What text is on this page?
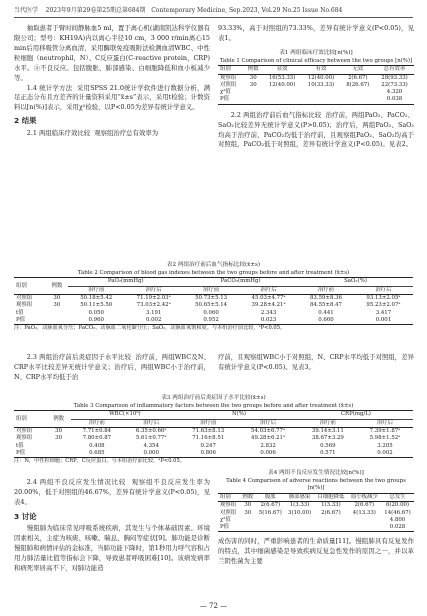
当代医学 2023年9月第29卷第25期总第684期 Contemporary Medicine, Sep.2023, Vol.29 No.25 Issue No.684

抽取患者于臂时间静脉血5 ml，置于离心机(湖南凯达科学仪器有限公司；型号：KH19A)内以离心半径10 cm，3 000 r/min离心15 min后用移吸管分离血清，采用酶联免疫吸附法检测血清WBC、中性粒细胞（neutrophil，N）、C反应蛋白(C-reactive protein，CRP)水平。④不良反应。包括腹胀、肺部感染、白细胞降低和血小板减少等。

1.4 统计学方法 采用SPSS 21.0统计学软件进行数据分析，满足正态分布且方差齐的计量资料采用“x̄±s”表示，采用t检验；计数资料以[n(%)]表示，采用χ²检验，以P<0.05为差异有统计学意义。

2 结果

2.1 两组临床疗效比较 观察组治疗总有效率为

93.33%，高于对照组的73.33%，差异有统计学意义(P<0.05)，见表1。

表1 两组临床疗效比较[n(%)]
Table 1 Comparison of clinical efficacy between the two groups [n(%)]
组别	例数	显效	有效	无效	总有效率
观察组	30	16(53.33)	12(40.00)	2(6.67)	28(93.33)
对照组	30	12(40.00)	10(33.33)	8(26.67)	22(73.33)
χ²值					4.320
P值					0.038

2.2 两组治疗前后血气指标比较 治疗前，两组PaO₂、PaCO₂、SaO₂比较差异无统计学意义(P>0.05)；治疗后，两组PaO₂、SaO₂均高于治疗前，PaCO₂均低于治疗前，且观察组PaO₂、SaO₂均高于对照组，PaCO₂低于对照组，差异有统计学意义(P<0.05)。见表2。

表2 两组治疗前后血气指标比较(x̄±s)
Table 2 Comparison of blood gas indexes between the two groups before and after treatment (x̄±s)
组别	例数	PaO₂(mmHg)		PaCO₂(mmHg)		SaO₂(%)	
		治疗前	治疗后	治疗前	治疗后	治疗前	治疗后
对照组	30	50.18±5.42	71.19±2.03ᵃ	50.73±5.13	45.03±4.77ᵃ	83.59±8.36	93.13±2.05ᵃ
观察组	30	50.11±5.50	73.03±2.42ᵃ	50.65±5.14	39.28±4.21ᵃ	84.55±8.47	95.23±2.07ᵃ
t值		0.050	3.191	0.060	2.343	0.441	3.417
P值		0.960	0.002	0.952	0.023	0.660	0.001
注：PaO₂，动脉血氧分压；PaCO₂，动脉血二氧化碳分压；SaO₂，动脉血氧饱和度。与本组治疗前比较，ᵃP<0.05。

2.3 两组治疗前后炎症因子水平比较 治疗前，两组WBC及N、CRP水平比较差异无统计学意义；治疗后，两组WBC小于治疗前，N、CRP水平均低于治

疗前，且观察组WBC小于对照组，N、CRP水平均低于对照组，差异有统计学意义(P<0.05)。见表3。

表3 两组治疗前后炎症因子水平比较(x̄±s)
Table 3 Comparison of inflammatory factors between the two groups before and after treatment (x̄±s)
组别	例数	WBC(×10⁹)		N(%)		CRP(mg/L)	
		治疗前	治疗后	治疗前	治疗后	治疗前	治疗后
对照组	30	7.71±0.84	6.35±0.66ᵃ	71.63±8.13	54.03±6.77ᵃ	39.14±3.11	7.39±1.87ᵃ
观察组	30	7.80±0.87	5.61±0.77ᵃ	71.16±8.51	49.28±6.21ᵃ	38.67±3.29	5.98±1.52ᵃ
t值		0.408	4.354	0.247	2.832	0.569	3.205
P值		0.685	0.000	0.806	0.006	0.571	0.002
注：N，中性粒细胞；CRP，C反应蛋白。与本组治疗前比较，ᵃP<0.05。

2.4 两组不良反应发生情况比较 观察组不良反应发生率为20.00%，低于对照组的46.67%，差异有统计学意义(P<0.05)，见表4。

3 讨论

慢阻肺为临床常见呼吸系统疾病，其发生与个体基础因素、环境因素相关，主症为咳痰、咳嗽、喘息、胸闷等症状[9]。肺功能是诊断慢阻肺和病情评估的金标准，当肺功能下降时，第1秒用力呼气容积占用力肺活量比值等指标会下降，导致患者呼吸困难[10]。该病发病率和病死率居高不下，对肺功能造

表4 两组不良反应发生情况比较[n(%)]
Table 4 Comparison of adverse reactions between the two groups [n(%)]
组别	例数	腹胀	肺部感染	白细胞降低	血小板减少	总发生
观察组	30	2(6.67)	1(3.33)	1(3.33)	2(6.67)	6(20.00)
对照组	30	5(16.67)	3(10.00)	2(6.67)	4(13.33)	14(46.67)
χ²值						4.800
P值						0.028

成伤害的同时，严重影响患者的生命质量[11]。慢阻肺具有反复发作的特点，其中细菌感染是导致疾病反复急性发作的原因之一，并以革兰阴性菌为主要

— 72 —
